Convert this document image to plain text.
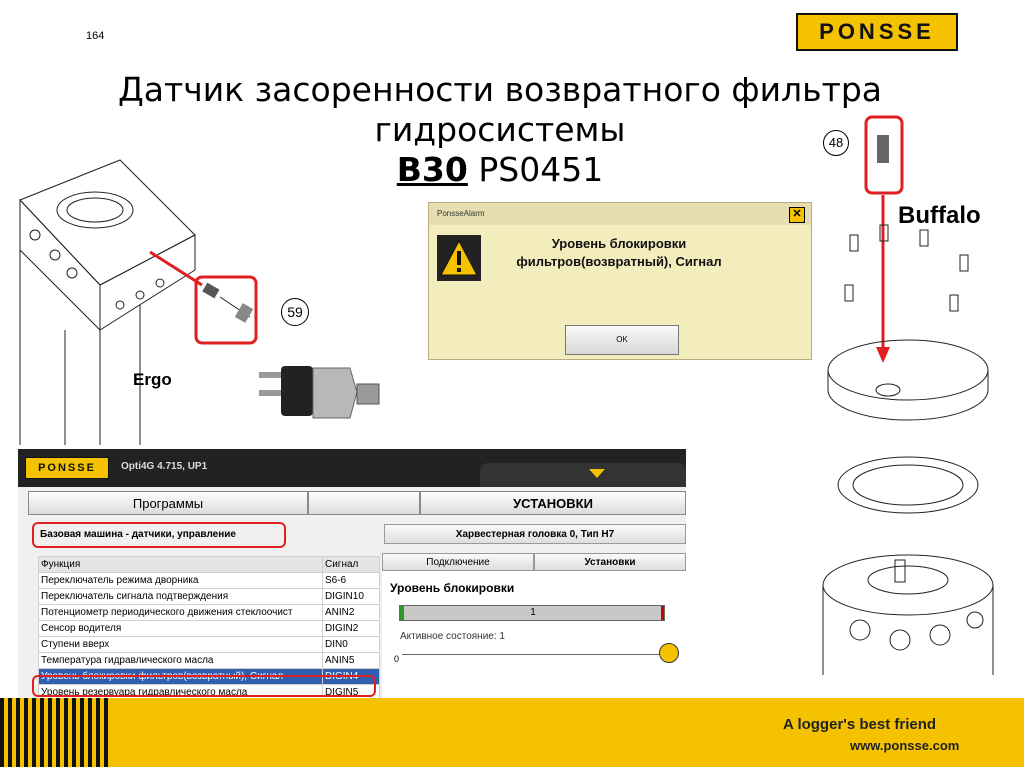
164	PONSSE
Датчик засоренности возвратного фильтра
гидросистемы
B30 PS0451
59
Ergo
48
Buffalo
PonsseAlarm	✕
Уровень блокировки
фильтров(возвратный), Сигнал
OK
PONSSE	Opti4G 4.715, UP1
Программы	УСТАНОВКИ
Базовая машина - датчики, управление	Харвестерная головка 0, Тип H7
Функция	Сигнал
Переключатель режима дворника	S6-6
Переключатель сигнала подтверждения	DIGIN10
Потенциометр периодического движения стеклоочист	ANIN2
Сенсор водителя	DIGIN2
Ступени вверх	DIN0
Температура гидравлического масла	ANIN5
Уровень блокировки фильтров(возвратный), Сигнал	DIGIN4
Уровень резервуара гидравлического масла	DIGIN5
Подключение	Установки
Уровень блокировки
1
Активное состояние: 1
0
A logger's best friend
www.ponsse.com
